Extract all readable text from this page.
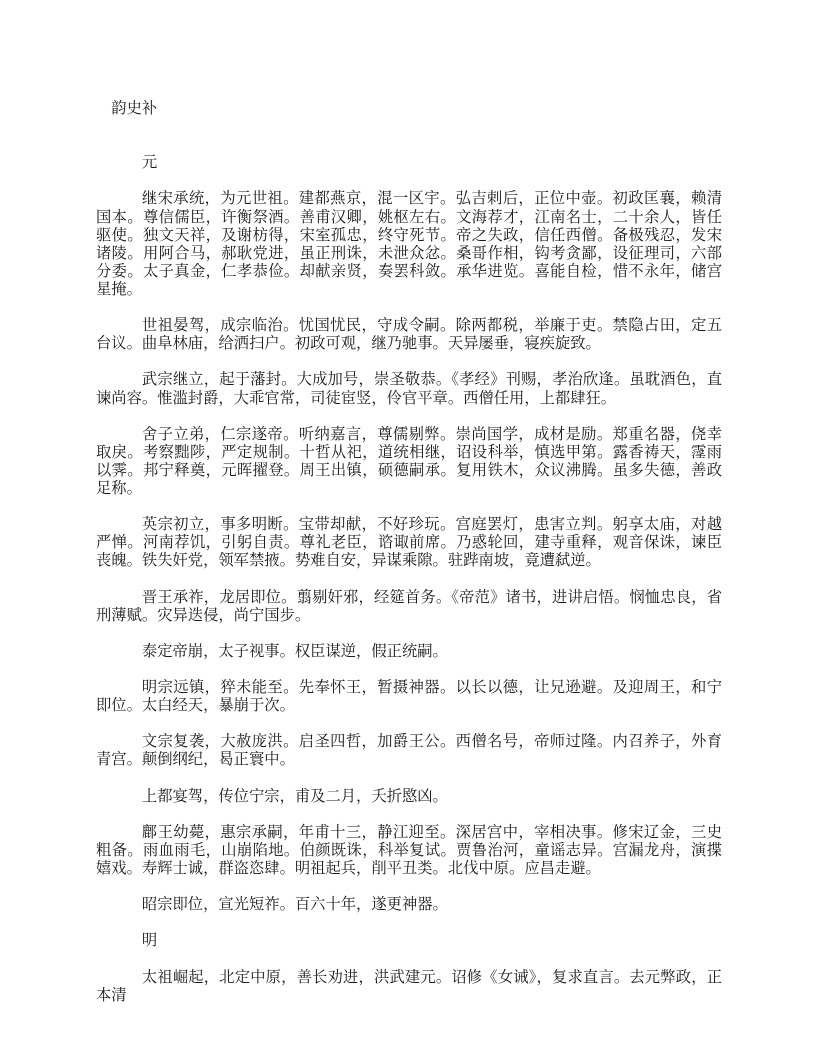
韵史补
元
继宋承统，为元世祖。建都燕京，混一区宇。弘吉剌后，正位中壶。初政匡襄，赖清国本。尊信儒臣，许衡祭酒。善甫汉卿，姚枢左右。文海荐才，江南名士，二十余人，皆任驱使。独文天祥，及谢枋得，宋室孤忠，终守死节。帝之失政，信任西僧。备极残忍，发宋诸陵。用阿合马，郝耿党进，虽正刑诛，未泄众忿。桑哥作相，钩考贪鄙，设征理司，六部分委。太子真金，仁孝恭俭。却献亲贤，奏罢科敛。承华进览。喜能自检，惜不永年，储宫星掩。
世祖晏驾，成宗临治。忧国忧民，守成令嗣。除两都税，举廉于吏。禁隐占田，定五台议。曲阜林庙，给洒扫户。初政可观，继乃驰事。天异屡垂，寝疾旋致。
武宗继立，起于藩封。大成加号，崇圣敬恭。《孝经》刊赐，孝治欣逢。虽耽酒色，直谏尚容。惟滥封爵，大乖官常，司徒宦竖，伶官平章。西僧任用，上都肆狂。
舍子立弟，仁宗遂帝。听纳嘉言，尊儒剔弊。崇尚国学，成材是励。郑重名器，侥幸取戾。考察黜陟，严定规制。十哲从祀，道统相继，诏设科举，慎选甲第。露香祷天，霪雨以霁。邦宁释奠，元晖擢登。周王出镇，硕德嗣承。复用铁木，众议沸腾。虽多失德，善政足称。
英宗初立，事多明断。宝带却献，不好珍玩。宫庭罢灯，患害立判。躬享太庙，对越严惮。河南荐饥，引躬自责。尊礼老臣，谘诹前席。乃惑轮回，建寺重释，观音保诛，谏臣丧魄。铁失奸党，领军禁掖。势难自安，异谋乘隙。驻跸南坡，竟遭弑逆。
晋王承祚，龙居即位。翦剔奸邪，经筵首务。《帝范》诸书，进讲启悟。悯恤忠良，省刑薄赋。灾异迭侵，尚宁国步。
泰定帝崩，太子视事。权臣谋逆，假正统嗣。
明宗远镇，猝未能至。先奉怀王，暂摄神器。以长以德，让兄逊避。及迎周王，和宁即位。太白经天，暴崩于次。
文宗复袭，大赦庞洪。启圣四哲，加爵王公。西僧名号，帝师过隆。内召养子，外育青宫。颠倒纲纪，曷正寰中。
上都宴驾，传位宁宗，甫及二月，夭折愍凶。
鄜王幼薨，惠宗承嗣，年甫十三，静江迎至。深居宫中，宰相决事。修宋辽金，三史粗备。雨血雨毛，山崩陷地。伯颜既诛，科举复试。贾鲁治河，童谣志异。宫漏龙舟，演揲嬉戏。寿辉士诚，群盗恣肆。明祖起兵，削平丑类。北伐中原。应昌走避。
昭宗即位，宣光短祚。百六十年，遂更神器。
明
太祖崛起，北定中原，善长劝进，洪武建元。诏修《女诫》，复求直言。去元弊政，正本清
